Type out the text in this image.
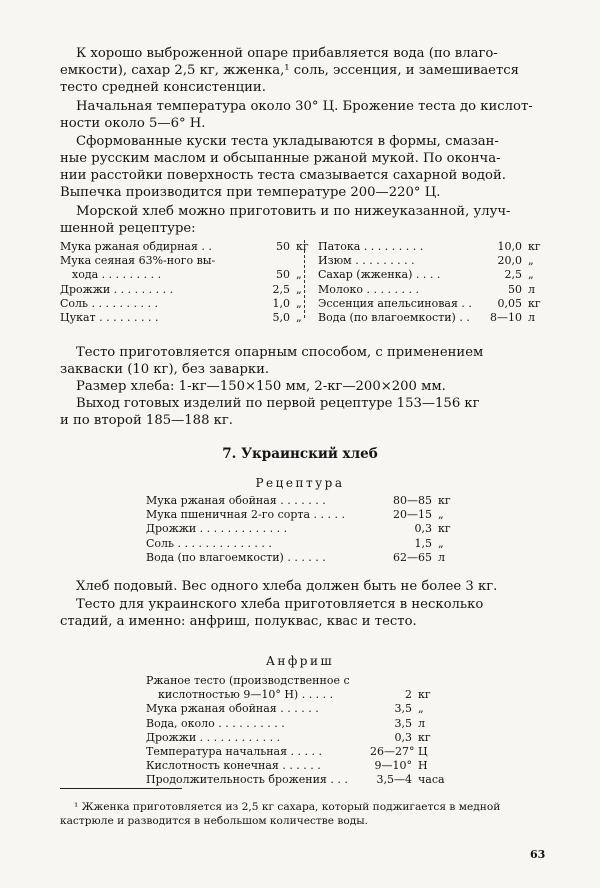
К хорошо выброженной опаре прибавляется вода (по влаго-
емкости), сахар 2,5 кг, жженка,¹ соль, эссенция, и замешивается
тесто средней консистенции.
Начальная температура около 30° Ц. Брожение теста до кислот-
ности около 5—6° Н.
Сформованные куски теста укладываются в формы, смазан-
ные русским маслом и обсыпанные ржаной мукой. По оконча-
нии расстойки поверхность теста смазывается сахарной водой.
Выпечка производится при температуре 200—220° Ц.
Морской хлеб можно приготовить и по нижеуказанной, улуч-
шенной рецептуре:
Мука ржаная обдирная . .	50 кг
Мука сеяная 63%-ного вы-
хода . . . . . . . . .	50 „
Дрожжи . . . . . . . . .	2,5 „
Соль . . . . . . . . . .	1,0 „
Цукат . . . . . . . . .	5,0 „
Патока . . . . . . . . .	10,0 кг
Изюм . . . . . . . . .	20,0 „
Сахар (жженка) . . . .	2,5 „
Молоко . . . . . . . .	50 л
Эссенция апельсиновая . .	0,05 кг
Вода (по влагоемкости) . . 8—10 л
Тесто приготовляется опарным способом, с применением
закваски (10 кг), без заварки.
Размер хлеба: 1-кг—150×150 мм, 2-кг—200×200 мм.
Выход готовых изделий по первой рецептуре 153—156 кг
и по второй 185—188 кг.
7. Украинский хлеб
Рецептура
Мука ржаная обойная . . . . . . .	80—85 кг
Мука пшеничная 2-го сорта . . . . .	20—15 „
Дрожжи . . . . . . . . . . . . .	0,3 кг
Соль . . . . . . . . . . . . . .	1,5 „
Вода (по влагоемкости) . . . . . .	62—65 л
Хлеб подовый. Вес одного хлеба должен быть не более 3 кг.
Тесто для украинского хлеба приготовляется в несколько
стадий, а именно: анфриш, полуквас, квас и тесто.
Анфриш
Ржаное тесто (производственное с
кислотностью 9—10° Н) . . . . .	2 кг
Мука ржаная обойная . . . . . .	3,5 „
Вода, около . . . . . . . . . .	3,5 л
Дрожжи . . . . . . . . . . . .	0,3 кг
Температура начальная . . . . .	26—27° Ц
Кислотность конечная . . . . . .	9—10° Н
Продолжительность брожения . . .	3,5—4 часа
¹ Жженка приготовляется из 2,5 кг сахара, который поджигается в медной
кастрюле и разводится в небольшом количестве воды.
63
